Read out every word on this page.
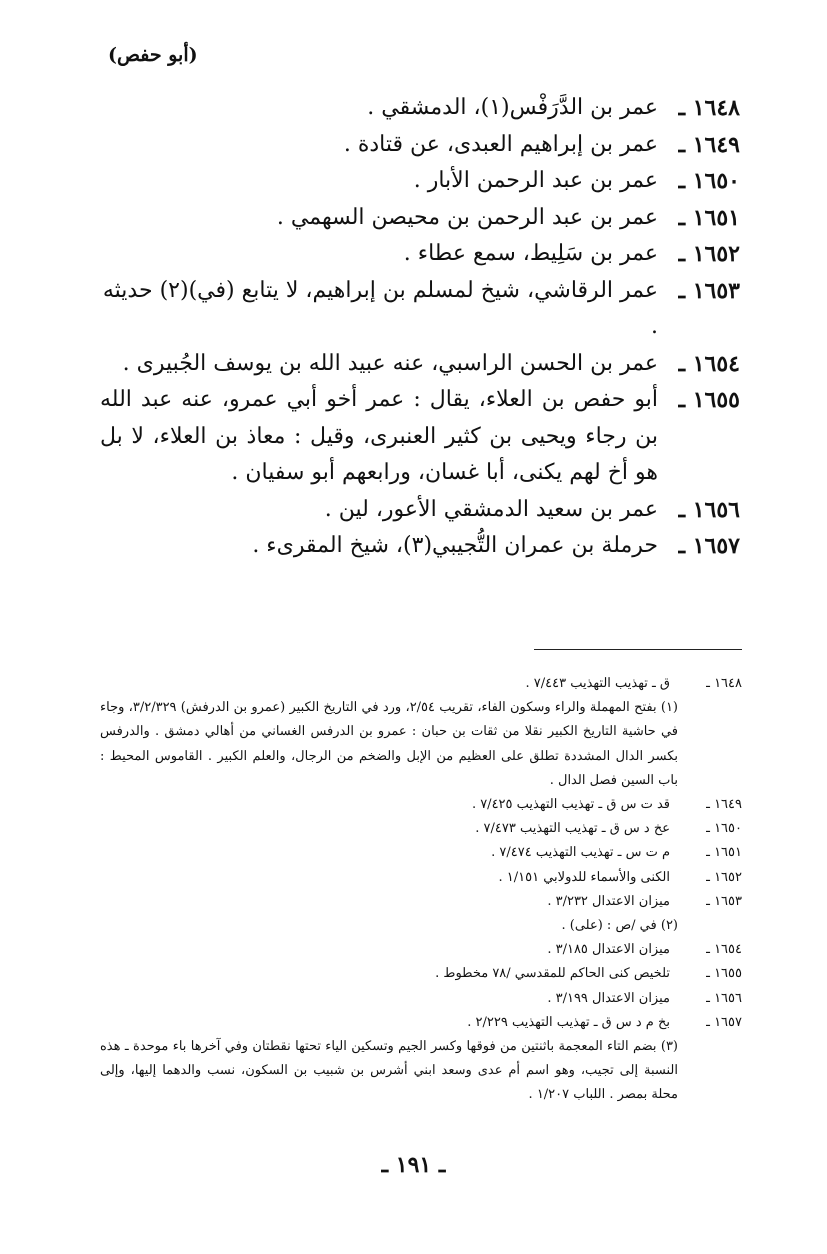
(أبو حفص)
١٦٤٨ ـ
عمر بن الدَّرَفْس(١)، الدمشقي .
١٦٤٩ ـ
عمر بن إبراهيم العبدى، عن قتادة .
١٦٥٠ ـ
عمر بن عبد الرحمن الأبار .
١٦٥١ ـ
عمر بن عبد الرحمن بن محيصن السهمي .
١٦٥٢ ـ
عمر بن سَلِيط، سمع عطاء .
١٦٥٣ ـ
عمر الرقاشي، شيخ لمسلم بن إبراهيم، لا يتابع (في)(٢) حديثه .
١٦٥٤ ـ
عمر بن الحسن الراسبي، عنه عبيد الله بن يوسف الجُبيرى .
١٦٥٥ ـ
أبو حفص بن العلاء، يقال : عمر أخو أبي عمرو، عنه عبد الله بن رجاء ويحيى بن كثير العنبرى، وقيل : معاذ بن العلاء، لا بل هو أخ لهم يكنى، أبا غسان، ورابعهم أبو سفيان .
١٦٥٦ ـ
عمر بن سعيد الدمشقي الأعور، لين .
١٦٥٧ ـ
حرملة بن عمران التُّجيبي(٣)، شيخ المقرىء .
١٦٤٨ ـ
ق ـ تهذيب التهذيب ٧/٤٤٣ .
(١) بفتح المهملة والراء وسكون الفاء، تقريب ٢/٥٤، ورد في التاريخ الكبير (عمرو بن الدرفش) ٣/٢/٣٢٩، وجاء في حاشية التاريخ الكبير نقلا من ثقات بن حبان : عمرو بن الدرفس الغساني من أهالي دمشق . والدرفس بكسر الدال المشددة تطلق على العظيم من الإبل والضخم من الرجال، والعلم الكبير . القاموس المحيط : باب السين فصل الدال .
١٦٤٩ ـ
قد ت س ق ـ تهذيب التهذيب ٧/٤٢٥ .
١٦٥٠ ـ
عخ د س ق ـ تهذيب التهذيب ٧/٤٧٣ .
١٦٥١ ـ
م ت س ـ تهذيب التهذيب ٧/٤٧٤ .
١٦٥٢ ـ
الكنى والأسماء للدولابي ١/١٥١ .
١٦٥٣ ـ
ميزان الاعتدال ٣/٢٣٢ .
(٢) في /ص : (على) .
١٦٥٤ ـ
ميزان الاعتدال ٣/١٨٥ .
١٦٥٥ ـ
تلخيص كنى الحاكم للمقدسي /٧٨ مخطوط .
١٦٥٦ ـ
ميزان الاعتدال ٣/١٩٩ .
١٦٥٧ ـ
بخ م د س ق ـ تهذيب التهذيب ٢/٢٢٩ .
(٣) بضم التاء المعجمة باثنتين من فوقها وكسر الجيم وتسكين الياء تحتها نقطتان وفي آخرها باء موحدة ـ هذه النسبة إلى تجيب، وهو اسم أم عدى وسعد ابني أشرس بن شبيب بن السكون، نسب والدهما إليها، وإلى محلة بمصر . اللباب ١/٢٠٧ .
ـ ١٩١ ـ
